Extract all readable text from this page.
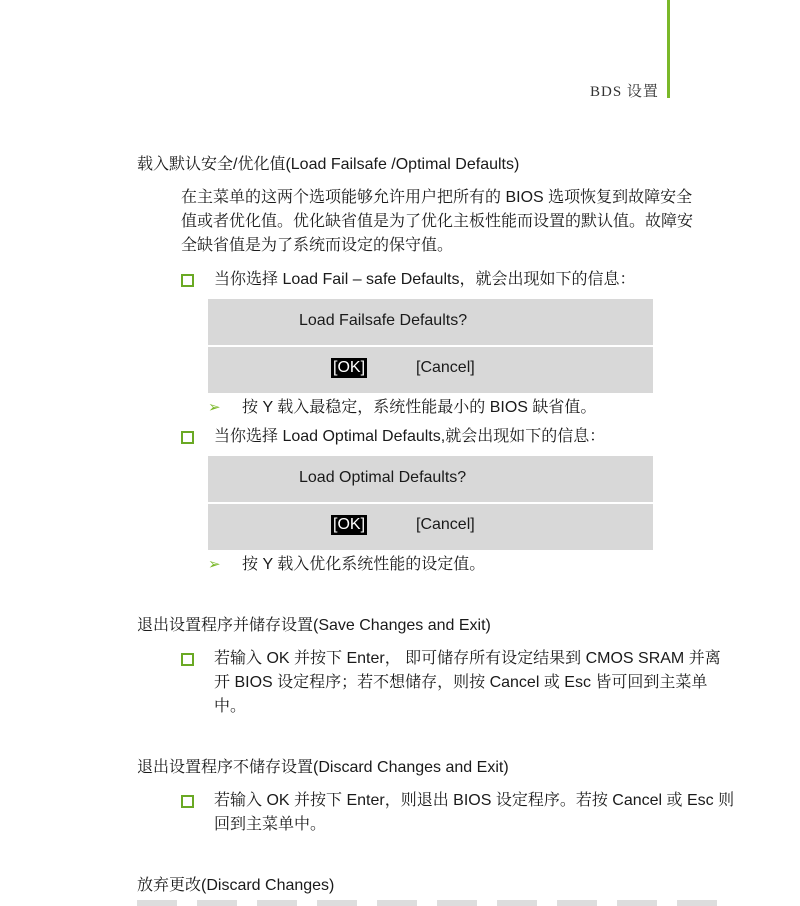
BDS 设置
载入默认安全/优化值(Load Failsafe /Optimal Defaults)
在主菜单的这两个选项能够允许用户把所有的 BIOS 选项恢复到故障安全
值或者优化值。优化缺省值是为了优化主板性能而设置的默认值。故障安
全缺省值是为了系统而设定的保守值。
当你选择 Load Fail – safe Defaults，就会出现如下的信息：
Load Failsafe Defaults?
[OK]	[Cancel]
➢ 按 Y 载入最稳定，系统性能最小的 BIOS 缺省值。
当你选择 Load Optimal Defaults,就会出现如下的信息：
Load Optimal Defaults?
[OK]	[Cancel]
➢ 按 Y 载入优化系统性能的设定值。
退出设置程序并储存设置(Save Changes and Exit)
若输入 OK 并按下 Enter， 即可储存所有设定结果到 CMOS SRAM 并离
开 BIOS 设定程序；若不想储存，则按 Cancel 或 Esc 皆可回到主菜单
中。
退出设置程序不储存设置(Discard Changes and Exit)
若输入 OK 并按下 Enter，则退出 BIOS 设定程序。若按 Cancel 或 Esc 则
回到主菜单中。
放弃更改(Discard Changes)
